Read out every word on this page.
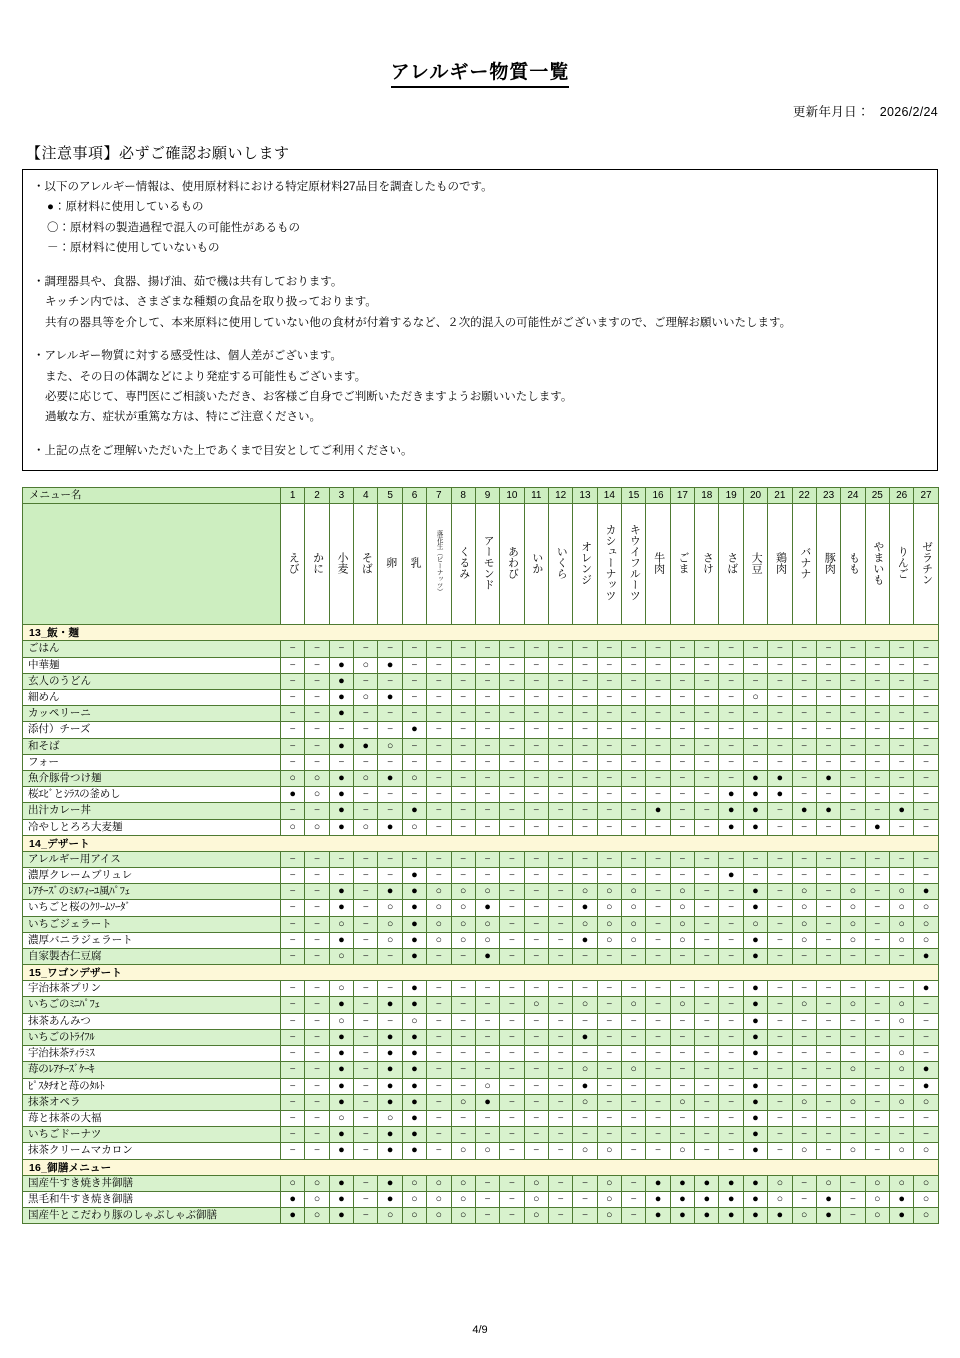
アレルギー物質一覧
更新年月日： 2026/2/24
【注意事項】必ずご確認お願いします

・以下のアレルギー情報は、使用原材料における特定原材料27品目を調査したものです。

●：原材料に使用しているもの

〇：原材料の製造過程で混入の可能性があるもの

－：原材料に使用していないもの

・調理器具や、食器、揚げ油、茹で機は共有しております。

キッチン内では、さまざまな種類の食品を取り扱っております。

共有の器具等を介して、本来原料に使用していない他の食材が付着するなど、２次的混入の可能性がございますので、ご理解お願いいたします。

・アレルギー物質に対する感受性は、個人差がございます。

また、その日の体調などにより発症する可能性もございます。

必要に応じて、専門医にご相談いただき、お客様ご自身でご判断いただきますようお願いいたします。

過敏な方、症状が重篤な方は、特にご注意ください。

・上記の点をご理解いただいた上であくまで目安としてご利用ください。

メニュー名	1	2	3	4	5	6	7	8	9	10	11	12	13	14	15	16	17	18	19	20	21	22	23	24	25	26	27
	えび	かに	小麦	そば	卵	乳	落花生（ピーナッツ）	くるみ	アーモンド	あわび	いか	いくら	オレンジ	カシューナッツ	キウイフルーツ	牛肉	ごま	さけ	さば	大豆	鶏肉	バナナ	豚肉	もも	やまいも	りんご	ゼラチン
13_飯・麺																											
ごはん	−	−	−	−	−	−	−	−	−	−	−	−	−	−	−	−	−	−	−	−	−	−	−	−	−	−	−
中華麺	−	−	●	○	●	−	−	−	−	−	−	−	−	−	−	−	−	−	−	−	−	−	−	−	−	−	−
玄人のうどん	−	−	●	−	−	−	−	−	−	−	−	−	−	−	−	−	−	−	−	−	−	−	−	−	−	−	−
細めん	−	−	●	○	●	−	−	−	−	−	−	−	−	−	−	−	−	−	−	○	−	−	−	−	−	−	−
カッペリーニ	−	−	●	−	−	−	−	−	−	−	−	−	−	−	−	−	−	−	−	−	−	−	−	−	−	−	−
添付）チーズ	−	−	−	−	−	●	−	−	−	−	−	−	−	−	−	−	−	−	−	−	−	−	−	−	−	−	−
和そば	−	−	●	●	○	−	−	−	−	−	−	−	−	−	−	−	−	−	−	−	−	−	−	−	−	−	−
フォー	−	−	−	−	−	−	−	−	−	−	−	−	−	−	−	−	−	−	−	−	−	−	−	−	−	−	−
魚介豚骨つけ麺	○	○	●	○	●	○	−	−	−	−	−	−	−	−	−	−	−	−	−	●	●	−	●	−	−	−	−
桜ｴﾋﾞとｼﾗｽの釜めし	●	○	●	−	−	−	−	−	−	−	−	−	−	−	−	−	−	−	●	●	●	−	−	−	−	−	−
出汁カレー丼	−	−	●	−	−	●	−	−	−	−	−	−	−	−	−	●	−	−	●	●	−	●	●	−	−	●	−
冷やしとろろ大麦麺	○	○	●	○	●	○	−	−	−	−	−	−	−	−	−	−	−	−	●	●	−	−	−	−	●	−	−
14_デザート																											
アレルギー用アイス	−	−	−	−	−	−	−	−	−	−	−	−	−	−	−	−	−	−	−	−	−	−	−	−	−	−	−
濃厚クレームブリュレ	−	−	−	−	−	●	−	−	−	−	−	−	−	−	−	−	−	−	●	−	−	−	−	−	−	−	−
ﾚｱﾁｰｽﾞのﾐﾙﾌｨｰﾕ風ﾊﾟﾌｪ	−	−	●	−	●	●	○	○	○	−	−	−	○	○	○	−	○	−	−	●	−	○	−	○	−	○	●
いちごと桜のｸﾘｰﾑｿｰﾀﾞ	−	−	●	−	○	●	○	○	●	−	−	−	●	○	○	−	○	−	−	●	−	○	−	○	−	○	○
いちごジェラート	−	−	○	−	○	●	○	○	○	−	−	−	○	○	○	−	○	−	−	○	−	○	−	○	−	○	○
濃厚バニラジェラート	−	−	●	−	○	●	○	○	○	−	−	−	●	○	○	−	○	−	−	●	−	○	−	○	−	○	○
自家製杏仁豆腐	−	−	○	−	−	●	−	−	●	−	−	−	−	−	−	−	−	−	−	●	−	−	−	−	−	−	●
15_ワゴンデザート																											
宇治抹茶プリン	−	−	○	−	−	●	−	−	−	−	−	−	−	−	−	−	−	−	−	●	−	−	−	−	−	−	●
いちごのﾐﾆﾊﾟﾌｪ	−	−	●	−	●	●	−	−	−	−	○	−	○	−	○	−	○	−	−	●	−	○	−	○	−	○	−
抹茶あんみつ	−	−	○	−	−	○	−	−	−	−	−	−	−	−	−	−	−	−	−	●	−	−	−	−	−	○	−
いちごのﾄﾗｲﾌﾙ	−	−	●	−	●	●	−	−	−	−	−	−	●	−	−	−	−	−	−	●	−	−	−	−	−	−	−
宇治抹茶ﾃｨﾗﾐｽ	−	−	●	−	●	●	−	−	−	−	−	−	−	−	−	−	−	−	−	●	−	−	−	−	−	○	−
苺のﾚｱﾁｰｽﾞｹｰｷ	−	−	●	−	●	●	−	−	−	−	−	−	○	−	○	−	−	−	−	−	−	−	−	○	−	○	●
ﾋﾟｽﾀﾁｵと苺のﾀﾙﾄ	−	−	●	−	●	●	−	−	○	−	−	−	●	−	−	−	−	−	−	●	−	−	−	−	−	−	●
抹茶オペラ	−	−	●	−	●	●	−	○	●	−	−	−	○	−	−	−	○	−	−	●	−	○	−	○	−	○	○
苺と抹茶の大福	−	−	○	−	○	●	−	−	−	−	−	−	−	−	−	−	−	−	−	●	−	−	−	−	−	−	−
いちごドーナツ	−	−	●	−	●	●	−	−	−	−	−	−	−	−	−	−	−	−	−	●	−	−	−	−	−	−	−
抹茶クリームマカロン	−	−	●	−	●	●	−	○	○	−	−	−	○	○	−	−	○	−	−	●	−	○	−	○	−	○	○
16_御膳メニュー																											
国産牛すき焼き丼御膳	○	○	●	−	●	○	○	○	−	−	○	−	−	○	−	●	●	●	●	●	○	−	○	−	○	○	○
黒毛和牛すき焼き御膳	●	○	●	−	●	○	○	○	−	−	○	−	−	○	−	●	●	●	●	●	○	−	●	−	○	●	○
国産牛とこだわり豚のしゃぶしゃぶ御膳	●	○	●	−	○	○	○	○	−	−	○	−	−	○	−	●	●	●	●	●	●	○	●	−	○	●	○
4/9
